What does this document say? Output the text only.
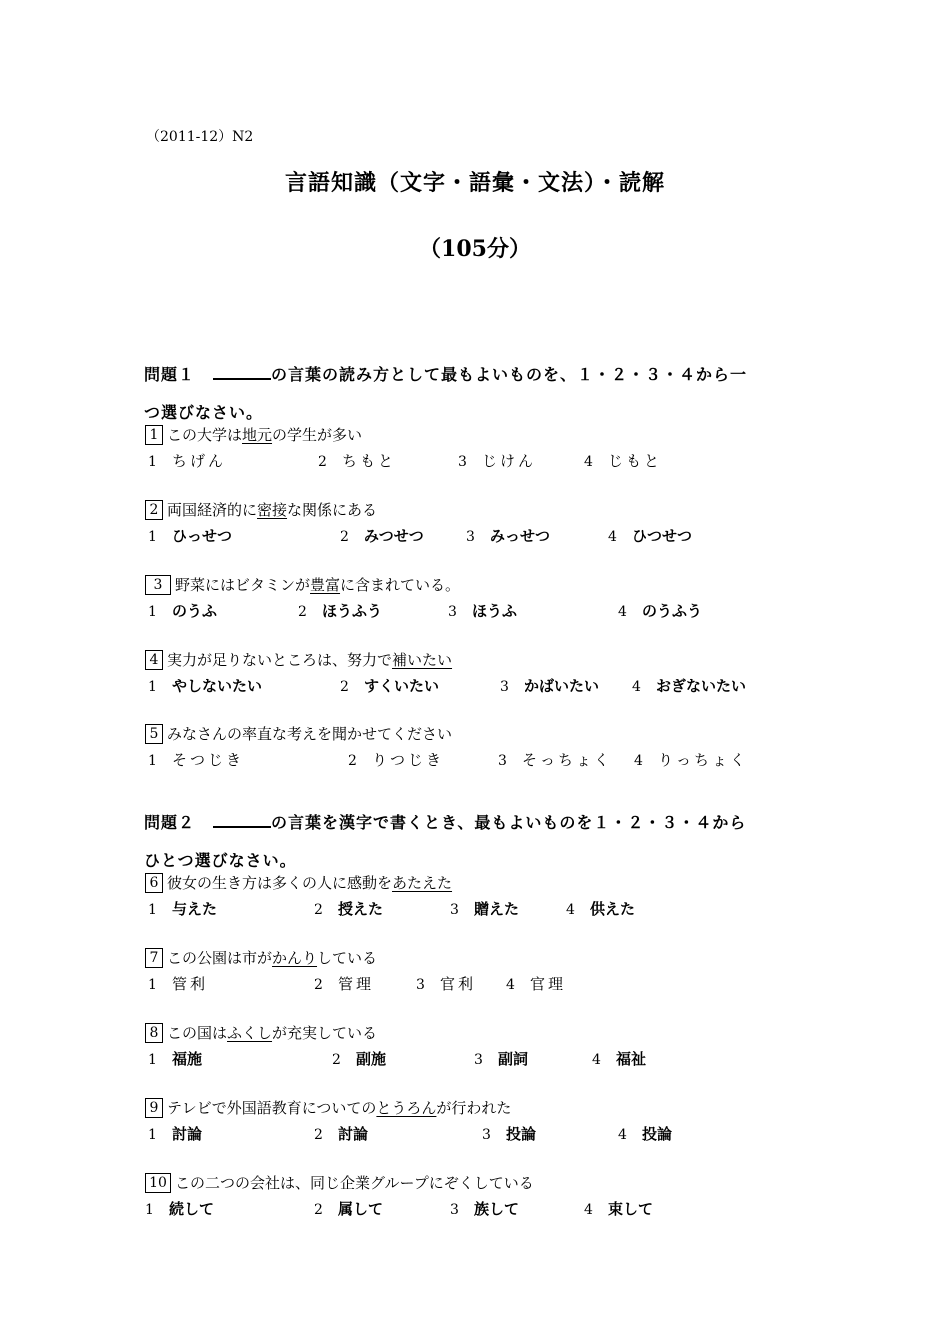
（2011-12）N2
言語知識（文字・語彙・文法）・読解
（105分）
問題１	の言葉の読み方として最もよいものを、１・２・３・４から一
つ選びなさい。
問題２	の言葉を漢字で書くとき、最もよいものを１・２・３・４から
ひとつ選びなさい。
1 この大学は 地元 の学生が多い
1 ちげん	2 ちもと	3 じけん	4 じもと
2 両国経済的に 密接 な関係にある
1 ひっせつ	2 みつせつ	3 みっせつ	4 ひつせつ
3 野菜にはビタミンが 豊富 に含まれている。
1 のうふ	2 ほうふう	3 ほうふ	4 のうふう
4 実力が足りないところは、努力で 補いたい
1 やしないたい	2 すくいたい	3 かばいたい 4 おぎないたい
5 みなさんの率直な考えを聞かせてください
1 そつじき	2 りつじき	3 そっちょく 4 りっちょく
6 彼女の生き方は多くの人に感動を あたえた
1 与えた	2 授えた	3 贈えた	4 供えた
7 この公園は市が かんり している
1 管利	2 管理	3 官利 4 官理
8 この国は ふくし が充実している
1 福施	2 副施	3 副詞	4 福祉
9 テレビで外国語教育についての とうろん が行われた
1 討論	2 討論	3 投論	4 投論
10 この二つの会社は、同じ企業グループにぞくしている
1 続して	2 属して	3 族して	4 束して
